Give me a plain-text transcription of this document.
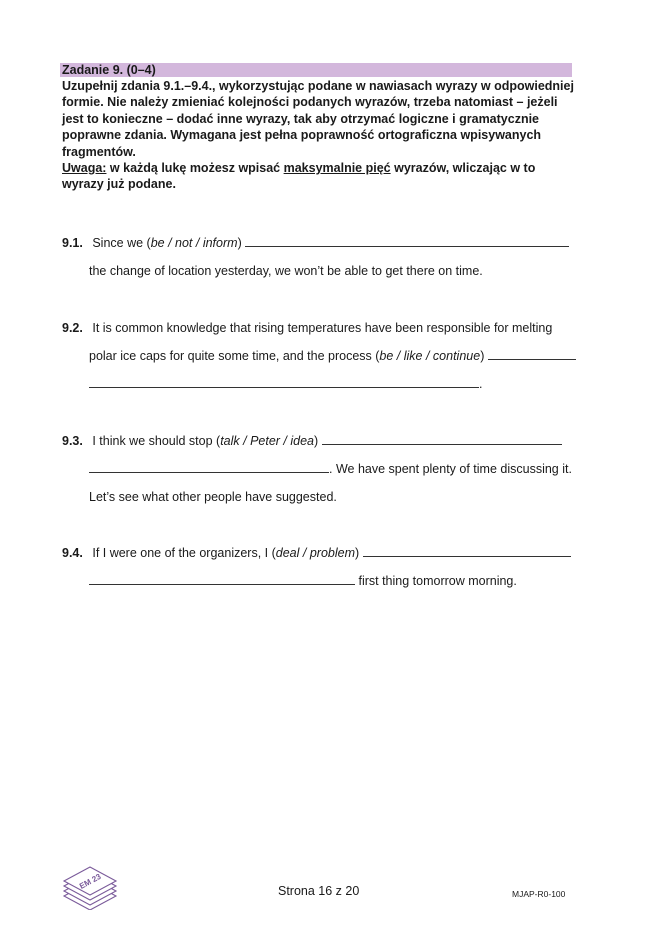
Zadanie 9. (0–4)
Uzupełnij zdania 9.1.–9.4., wykorzystując podane w nawiasach wyrazy w odpowiedniej formie. Nie należy zmieniać kolejności podanych wyrazów, trzeba natomiast – jeżeli jest to konieczne – dodać inne wyrazy, tak aby otrzymać logiczne i gramatycznie poprawne zdania. Wymagana jest pełna poprawność ortograficzna wpisywanych fragmentów.
Uwaga: w każdą lukę możesz wpisać maksymalnie pięć wyrazów, wliczając w to wyrazy już podane.
9.1. Since we (be / not / inform)
the change of location yesterday, we won’t be able to get there on time.
9.2. It is common knowledge that rising temperatures have been responsible for melting
polar ice caps for quite some time, and the process (be / like / continue)
.
9.3. I think we should stop (talk / Peter / idea)
. We have spent plenty of time discussing it.
Let’s see what other people have suggested.
9.4. If I were one of the organizers, I (deal / problem)
first thing tomorrow morning.
EM 23
Strona 16 z 20	MJAP-R0-100
